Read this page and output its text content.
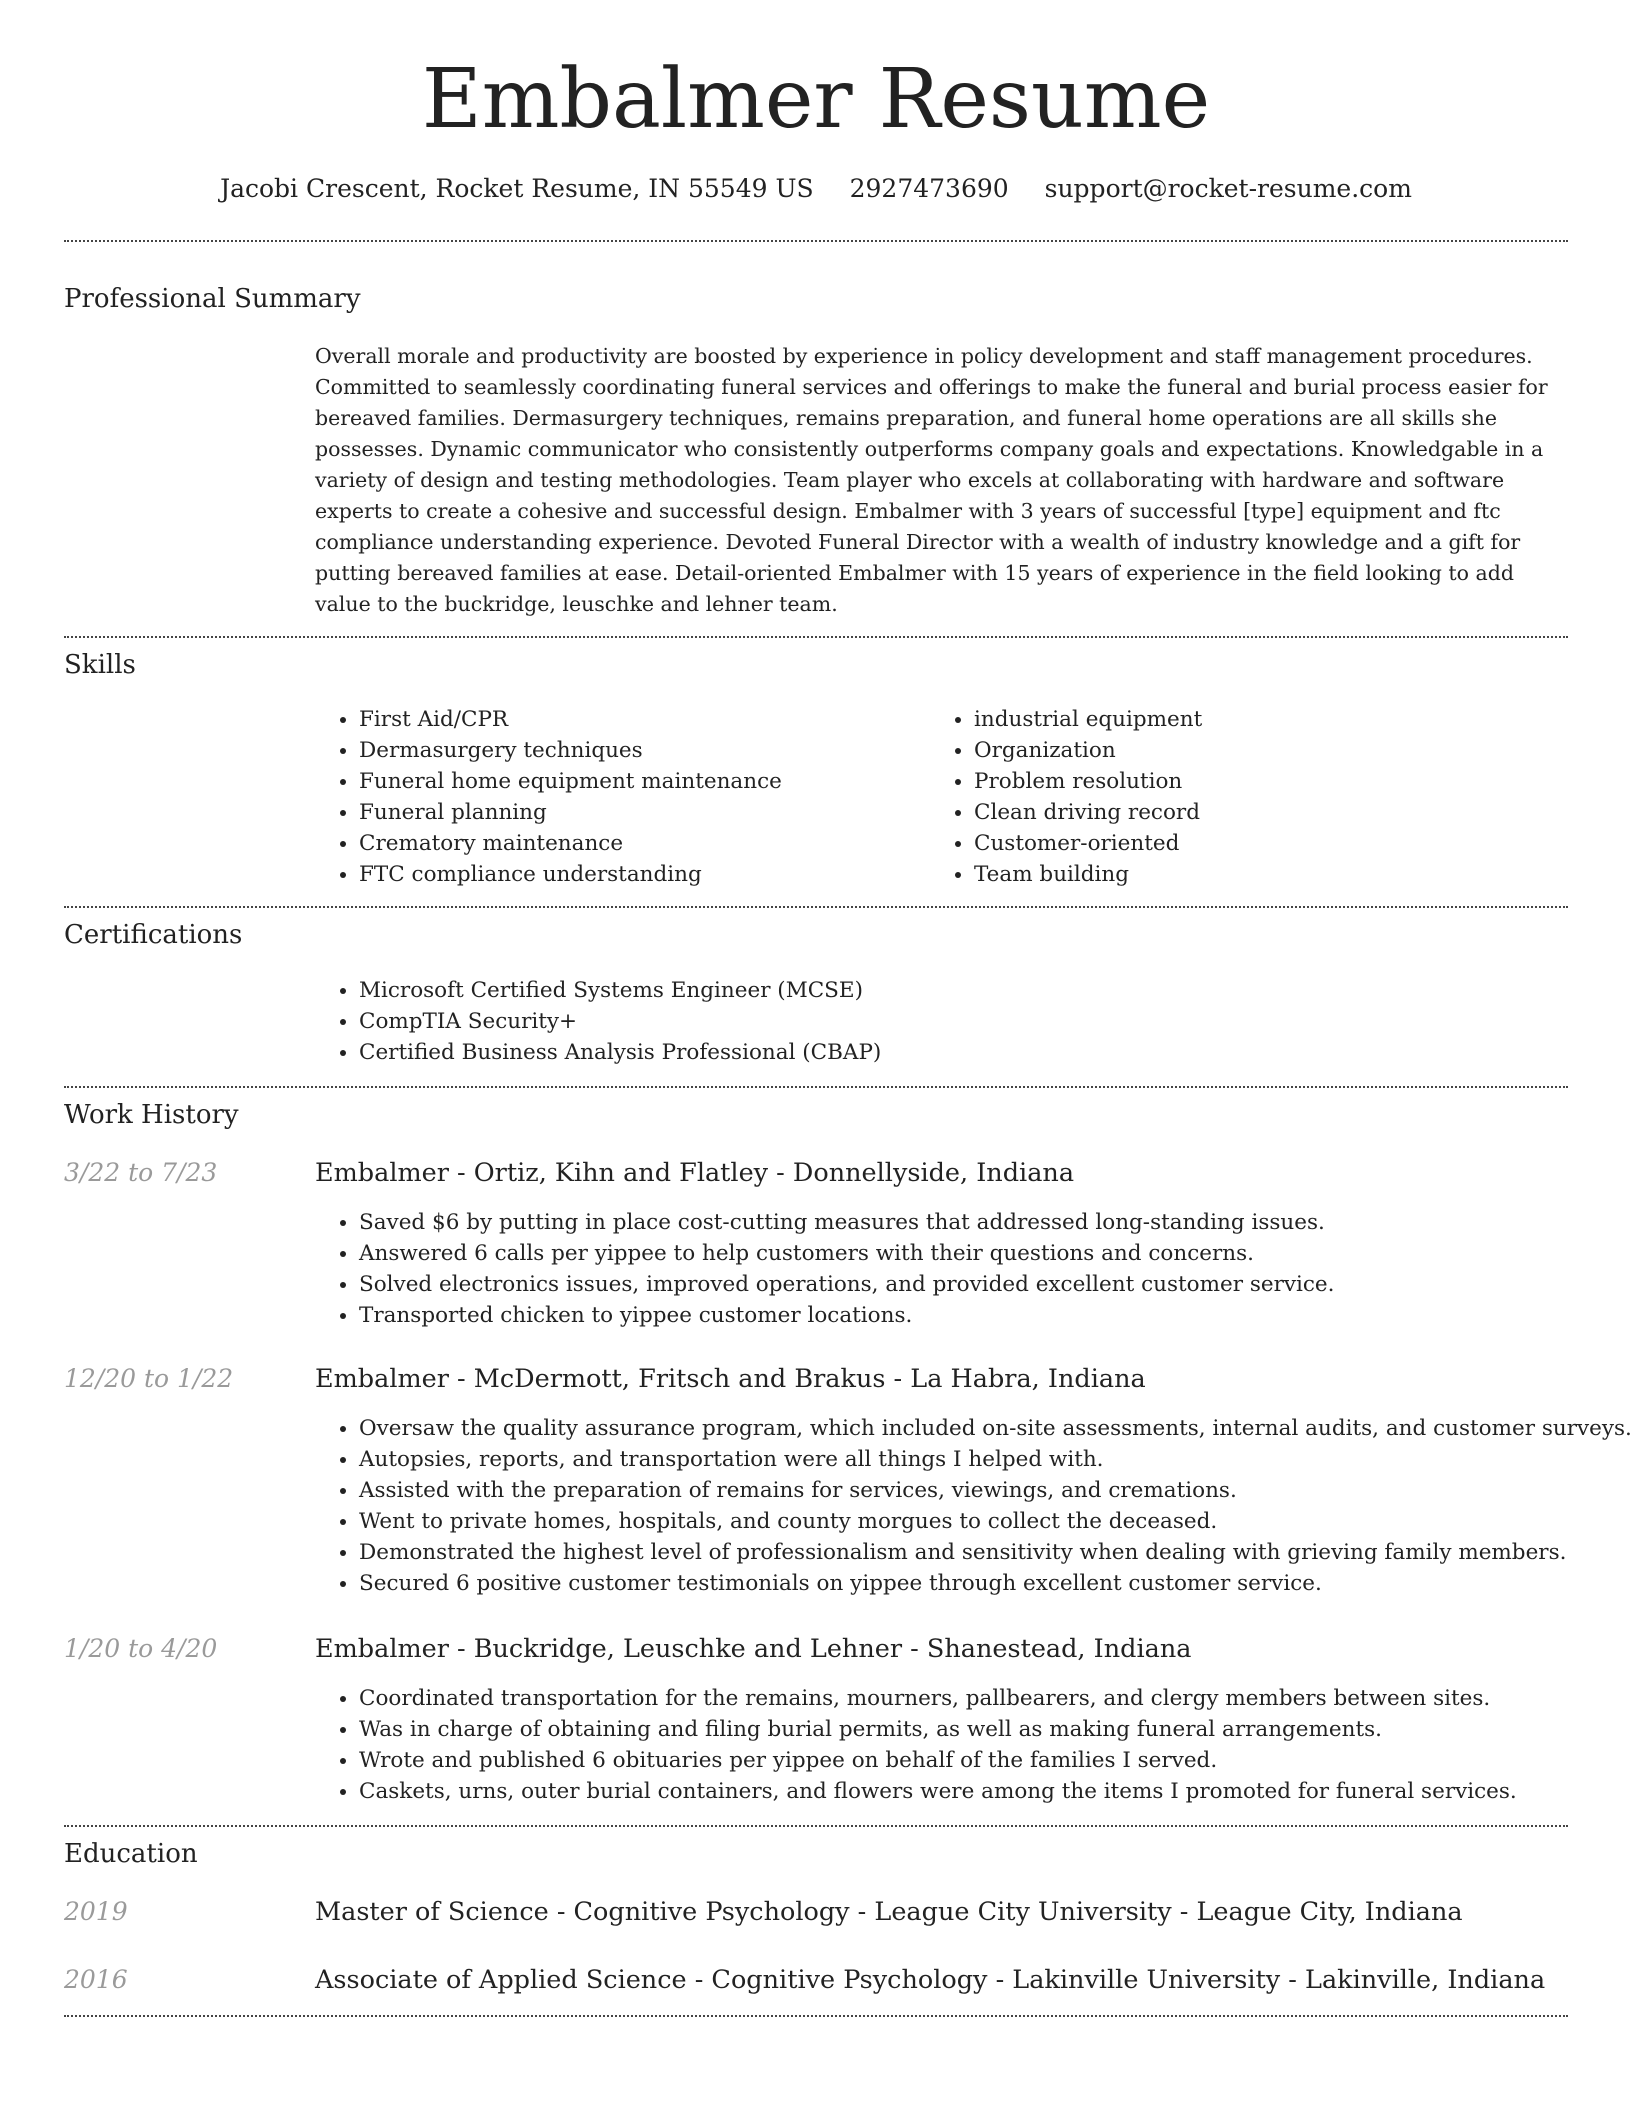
Embalmer Resume
Jacobi Crescent, Rocket Resume, IN 55549 US 2927473690 support@rocket-resume.com
Professional Summary

Overall morale and productivity are boosted by experience in policy development and staff management procedures. Committed to seamlessly coordinating funeral services and offerings to make the funeral and burial process easier for bereaved families. Dermasurgery techniques, remains preparation, and funeral home operations are all skills she possesses. Dynamic communicator who consistently outperforms company goals and expectations. Knowledgable in a variety of design and testing methodologies. Team player who excels at collaborating with hardware and software experts to create a cohesive and successful design. Embalmer with 3 years of successful [type] equipment and ftc compliance understanding experience. Devoted Funeral Director with a wealth of industry knowledge and a gift for putting bereaved families at ease. Detail-oriented Embalmer with 15 years of experience in the field looking to add value to the buckridge, leuschke and lehner team.

Skills
• First Aid/CPR
• Dermasurgery techniques
• Funeral home equipment maintenance
• Funeral planning
• Crematory maintenance
• FTC compliance understanding
• industrial equipment
• Organization
• Problem resolution
• Clean driving record
• Customer-oriented
• Team building
Certifications
• Microsoft Certified Systems Engineer (MCSE)
• CompTIA Security+
• Certified Business Analysis Professional (CBAP)
Work History
3/22 to 7/23	Embalmer - Ortiz, Kihn and Flatley - Donnellyside, Indiana
• Saved $6 by putting in place cost-cutting measures that addressed long-standing issues.
• Answered 6 calls per yippee to help customers with their questions and concerns.
• Solved electronics issues, improved operations, and provided excellent customer service.
• Transported chicken to yippee customer locations.
12/20 to 1/22	Embalmer - McDermott, Fritsch and Brakus - La Habra, Indiana
• Oversaw the quality assurance program, which included on-site assessments, internal audits, and customer surveys.
• Autopsies, reports, and transportation were all things I helped with.
• Assisted with the preparation of remains for services, viewings, and cremations.
• Went to private homes, hospitals, and county morgues to collect the deceased.
• Demonstrated the highest level of professionalism and sensitivity when dealing with grieving family members.
• Secured 6 positive customer testimonials on yippee through excellent customer service.
1/20 to 4/20	Embalmer - Buckridge, Leuschke and Lehner - Shanestead, Indiana
• Coordinated transportation for the remains, mourners, pallbearers, and clergy members between sites.
• Was in charge of obtaining and filing burial permits, as well as making funeral arrangements.
• Wrote and published 6 obituaries per yippee on behalf of the families I served.
• Caskets, urns, outer burial containers, and flowers were among the items I promoted for funeral services.
Education
2019	Master of Science - Cognitive Psychology - League City University - League City, Indiana
2016	Associate of Applied Science - Cognitive Psychology - Lakinville University - Lakinville, Indiana
